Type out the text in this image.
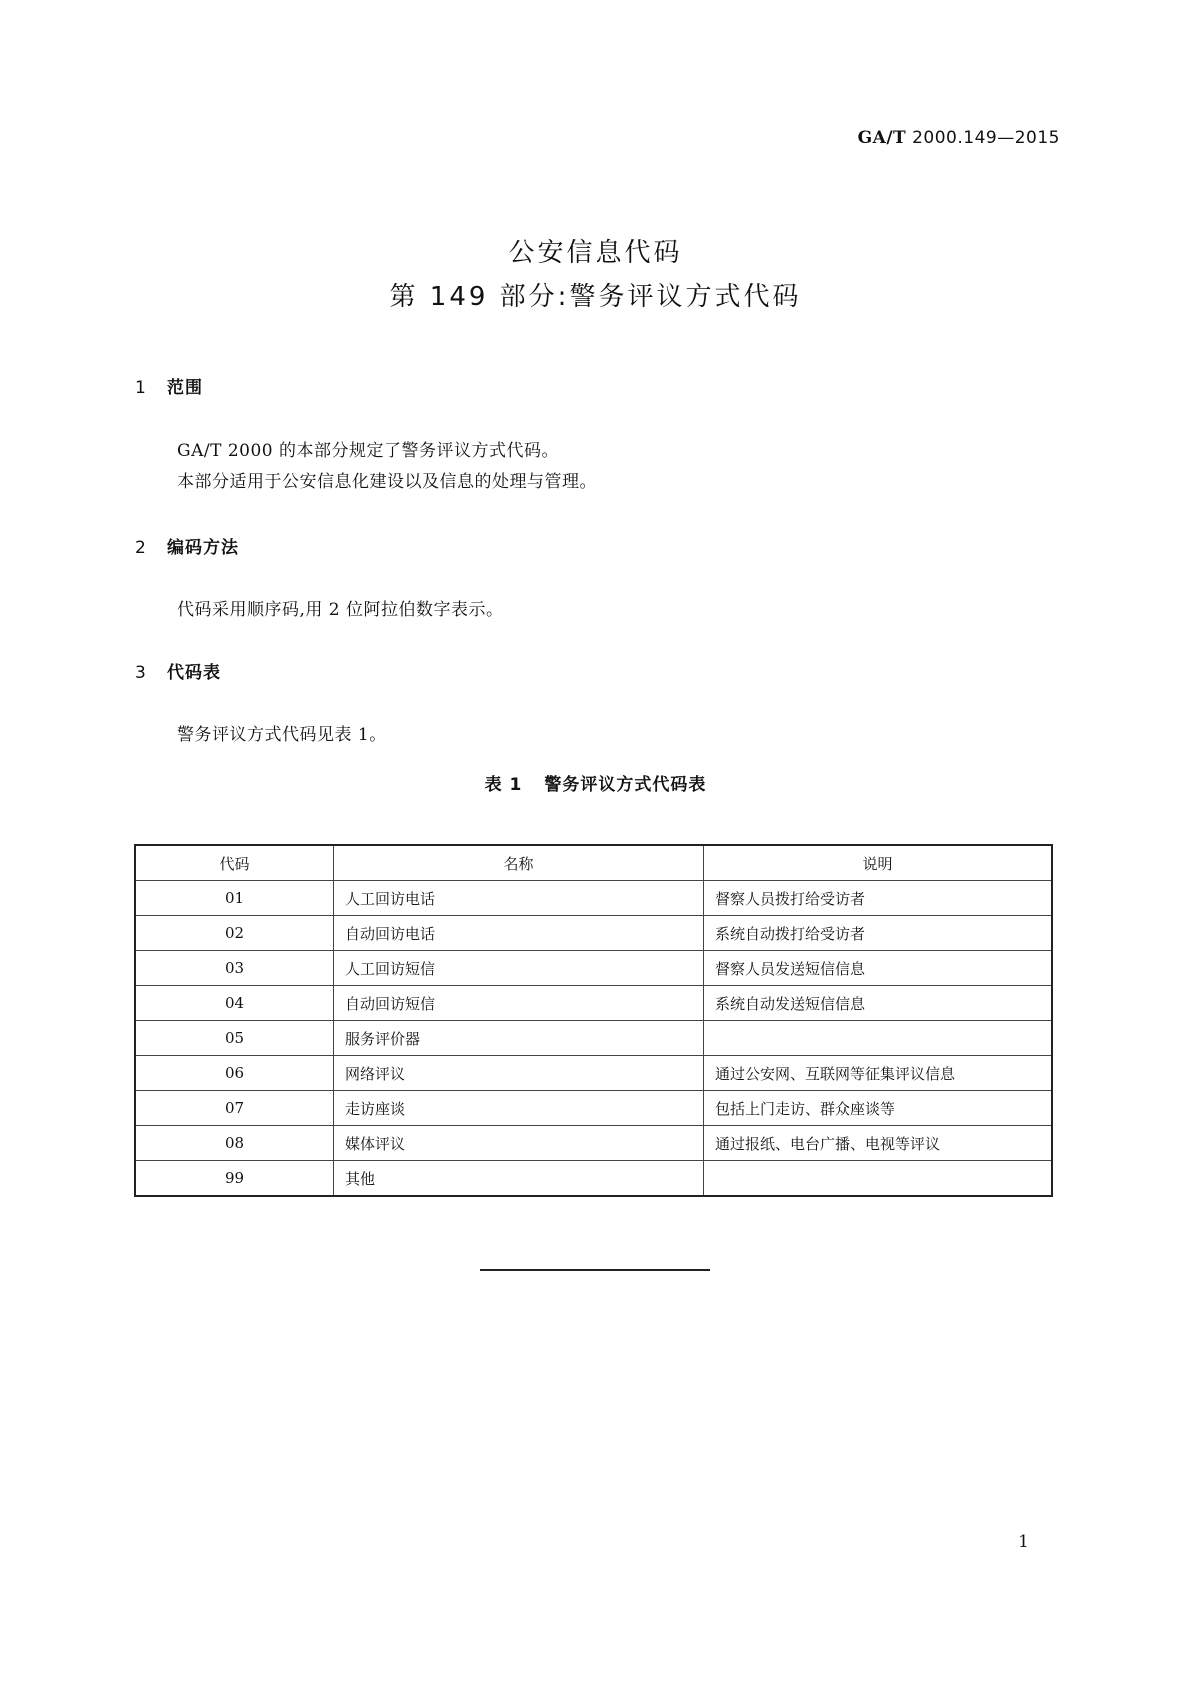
GA/T 2000.149—2015
公安信息代码
第 149 部分:警务评议方式代码
1 范围
GA/T 2000 的本部分规定了警务评议方式代码。
本部分适用于公安信息化建设以及信息的处理与管理。
2 编码方法
代码采用顺序码,用 2 位阿拉伯数字表示。
3 代码表
警务评议方式代码见表 1。
表 1 警务评议方式代码表
代码	名称	说明
01	人工回访电话	督察人员拨打给受访者
02	自动回访电话	系统自动拨打给受访者
03	人工回访短信	督察人员发送短信信息
04	自动回访短信	系统自动发送短信信息
05	服务评价器	
06	网络评议	通过公安网、互联网等征集评议信息
07	走访座谈	包括上门走访、群众座谈等
08	媒体评议	通过报纸、电台广播、电视等评议
99	其他	
1
